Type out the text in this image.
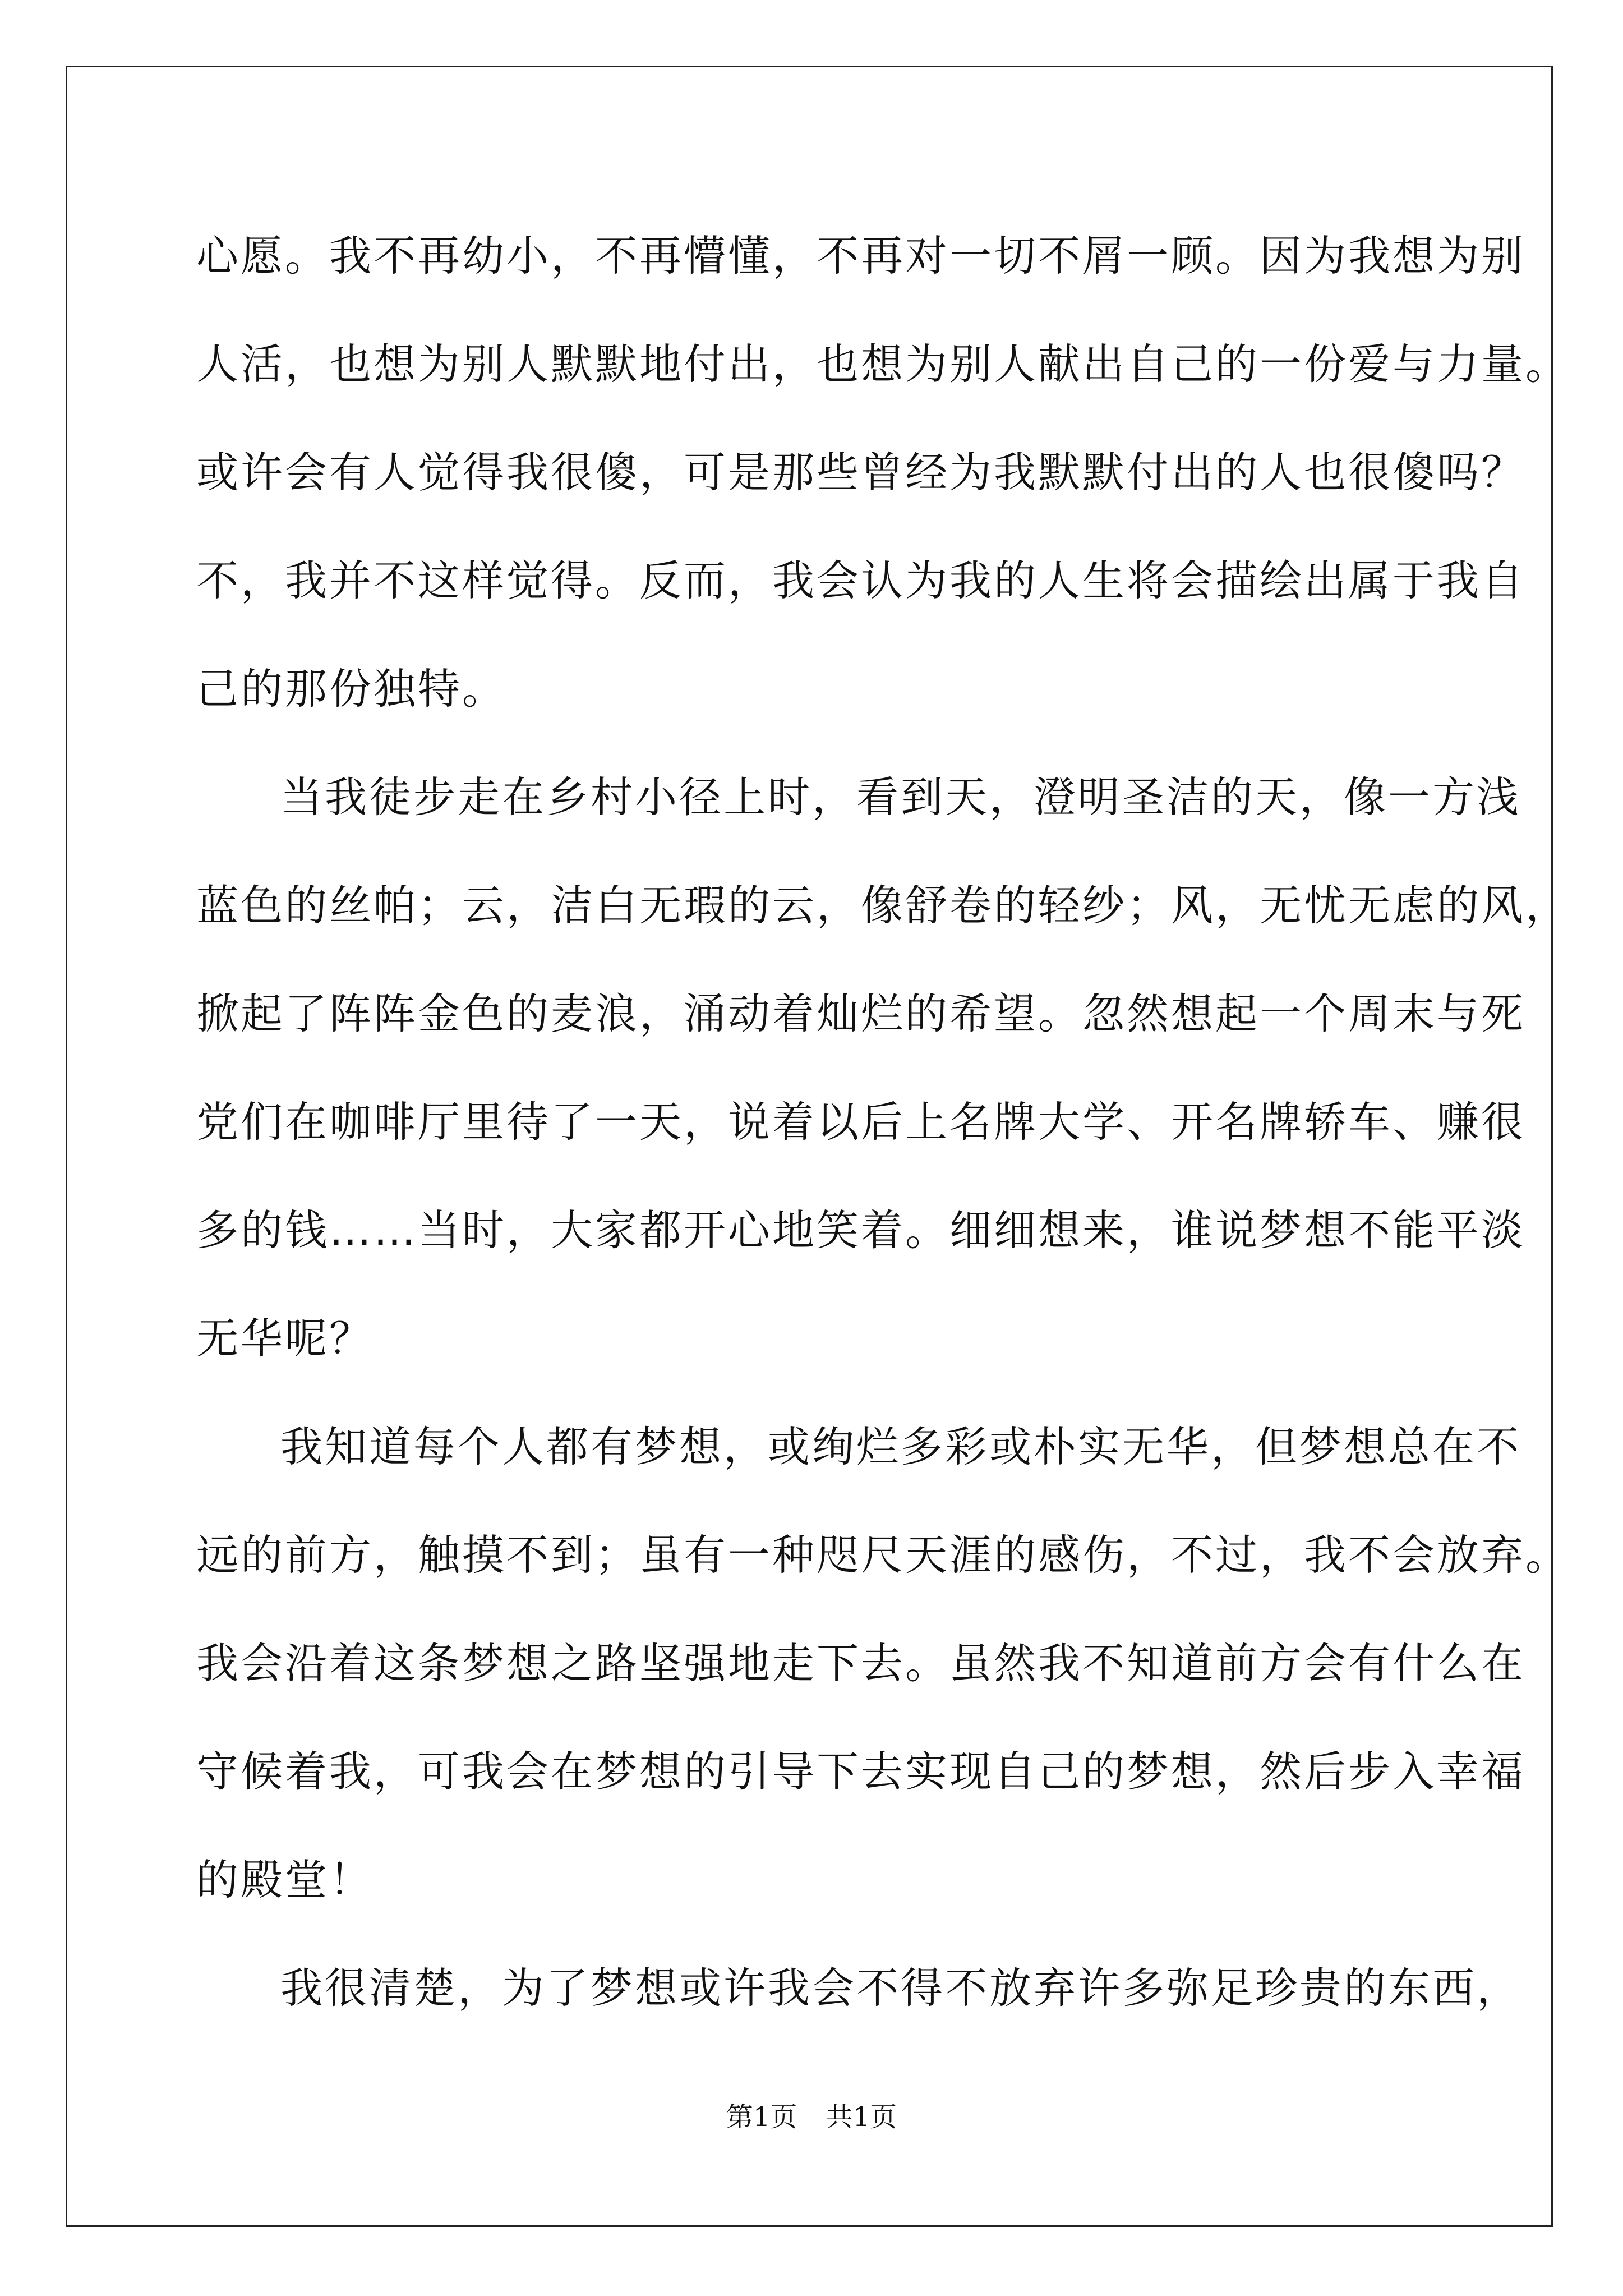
心愿。我不再幼小，不再懵懂，不再对一切不屑一顾。因为我想为别
人活，也想为别人默默地付出，也想为别人献出自己的一份爱与力量。
或许会有人觉得我很傻，可是那些曾经为我默默付出的人也很傻吗？
不，我并不这样觉得。反而，我会认为我的人生将会描绘出属于我自
己的那份独特。
当我徒步走在乡村小径上时，看到天，澄明圣洁的天，像一方浅
蓝色的丝帕；云，洁白无瑕的云，像舒卷的轻纱；风，无忧无虑的风，
掀起了阵阵金色的麦浪，涌动着灿烂的希望。忽然想起一个周末与死
党们在咖啡厅里待了一天，说着以后上名牌大学、开名牌轿车、赚很
多的钱……当时，大家都开心地笑着。细细想来，谁说梦想不能平淡
无华呢？
我知道每个人都有梦想，或绚烂多彩或朴实无华，但梦想总在不
远的前方，触摸不到；虽有一种咫尺天涯的感伤，不过，我不会放弃。
我会沿着这条梦想之路坚强地走下去。虽然我不知道前方会有什么在
守候着我，可我会在梦想的引导下去实现自己的梦想，然后步入幸福
的殿堂！
我很清楚，为了梦想或许我会不得不放弃许多弥足珍贵的东西，
第1页 共1页
